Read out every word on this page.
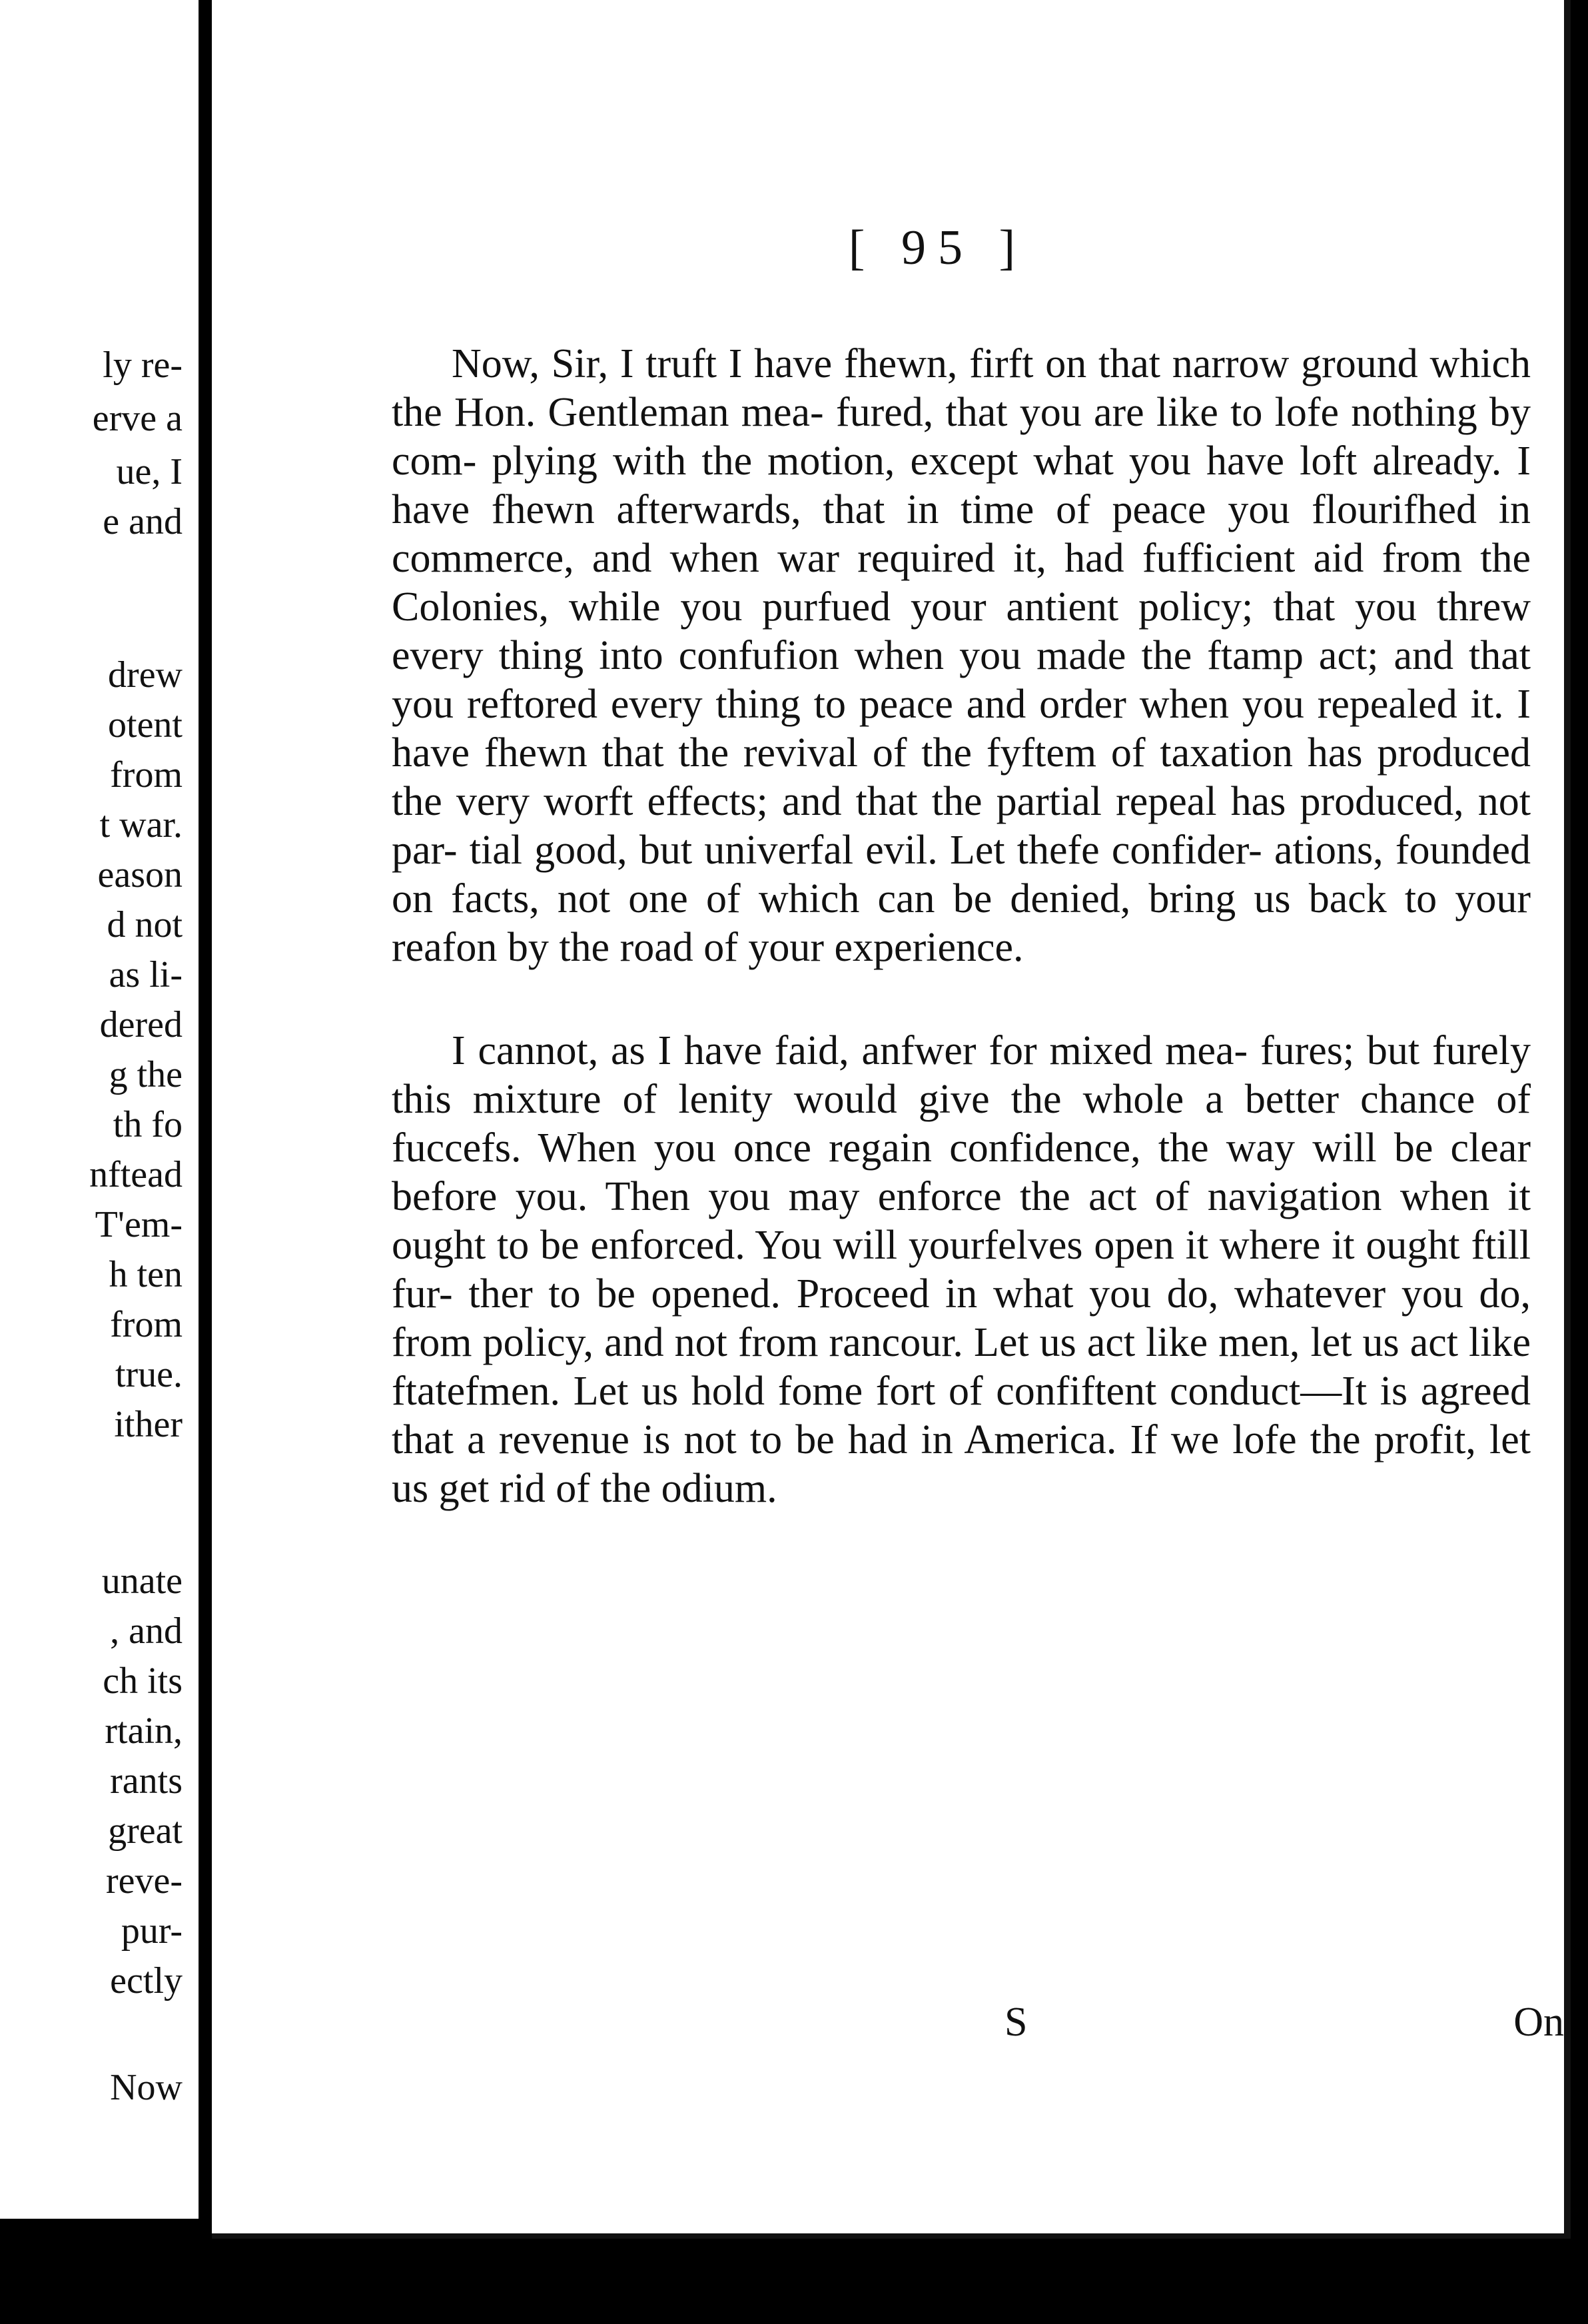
ly re-
erve a
ue, I
e and
drew
otent
from
t war.
eason
d not
as li-
dered
g the
th fo
nftead
T'em-
h ten
from
true.
ither
unate
, and
ch its
rtain,
rants
great
reve-
pur-
ectly
Now
[ 95 ]

Now, Sir, I truft I have fhewn, firft on that narrow ground which the Hon. Gentleman mea- fured, that you are like to lofe nothing by com- plying with the motion, except what you have loft already. I have fhewn afterwards, that in time of peace you flourifhed in commerce, and when war required it, had fufficient aid from the Colonies, while you purfued your antient policy; that you threw every thing into confufion when you made the ftamp act; and that you reftored every thing to peace and order when you repealed it. I have fhewn that the revival of the fyftem of taxation has produced the very worft effects; and that the partial repeal has produced, not par- tial good, but univerfal evil. Let thefe confider- ations, founded on facts, not one of which can be denied, bring us back to your reafon by the road of your experience.

I cannot, as I have faid, anfwer for mixed mea- fures; but furely this mixture of lenity would give the whole a better chance of fuccefs. When you once regain confidence, the way will be clear before you. Then you may enforce the act of navigation when it ought to be enforced. You will yourfelves open it where it ought ftill fur- ther to be opened. Proceed in what you do, whatever you do, from policy, and not from rancour. Let us act like men, let us act like ftatefmen. Let us hold fome fort of confiftent conduct—It is agreed that a revenue is not to be had in America. If we lofe the profit, let us get rid of the odium.

S	On
